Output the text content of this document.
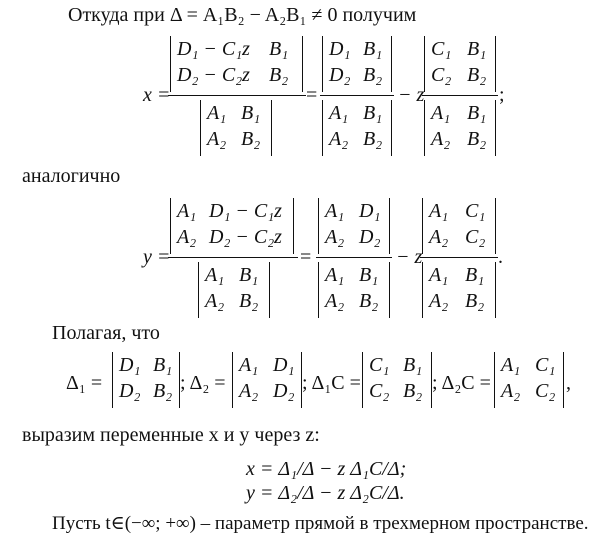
Откуда при Δ = A₁B₂ − A₂B₁ ≠ 0 получим
x =
D₁ − C₁z B₁
D₂ − C₂z B₂
A₁ B₁
A₂ B₂
=
D₁ B₁
D₂ B₂
A₁ B₁
A₂ B₂
− z
C₁ B₁
C₂ B₂
A₁ B₁
A₂ B₂
;
аналогично
y =
A₁ D₁ − C₁z
A₂ D₂ − C₂z
A₁ B₁
A₂ B₂
=
A₁ D₁
A₂ D₂
A₁ B₁
A₂ B₂
− z
A₁ C₁
A₂ C₂
A₁ B₁
A₂ B₂
.
Полагая, что
Δ₁ =
D₁ B₁
D₂ B₂ ; Δ₂ =
A₁ D₁
A₂ D₂ ; Δ₁C =
C₁ B₁
C₂ B₂ ; Δ₂C =
A₁ C₁
A₂ C₂ ,
выразим переменные x и y через z:
x = Δ₁/Δ − z Δ₁C/Δ;
y = Δ₂/Δ − z Δ₂C/Δ.
Пусть t∈(−∞; +∞) – параметр прямой в трехмерном пространстве.
